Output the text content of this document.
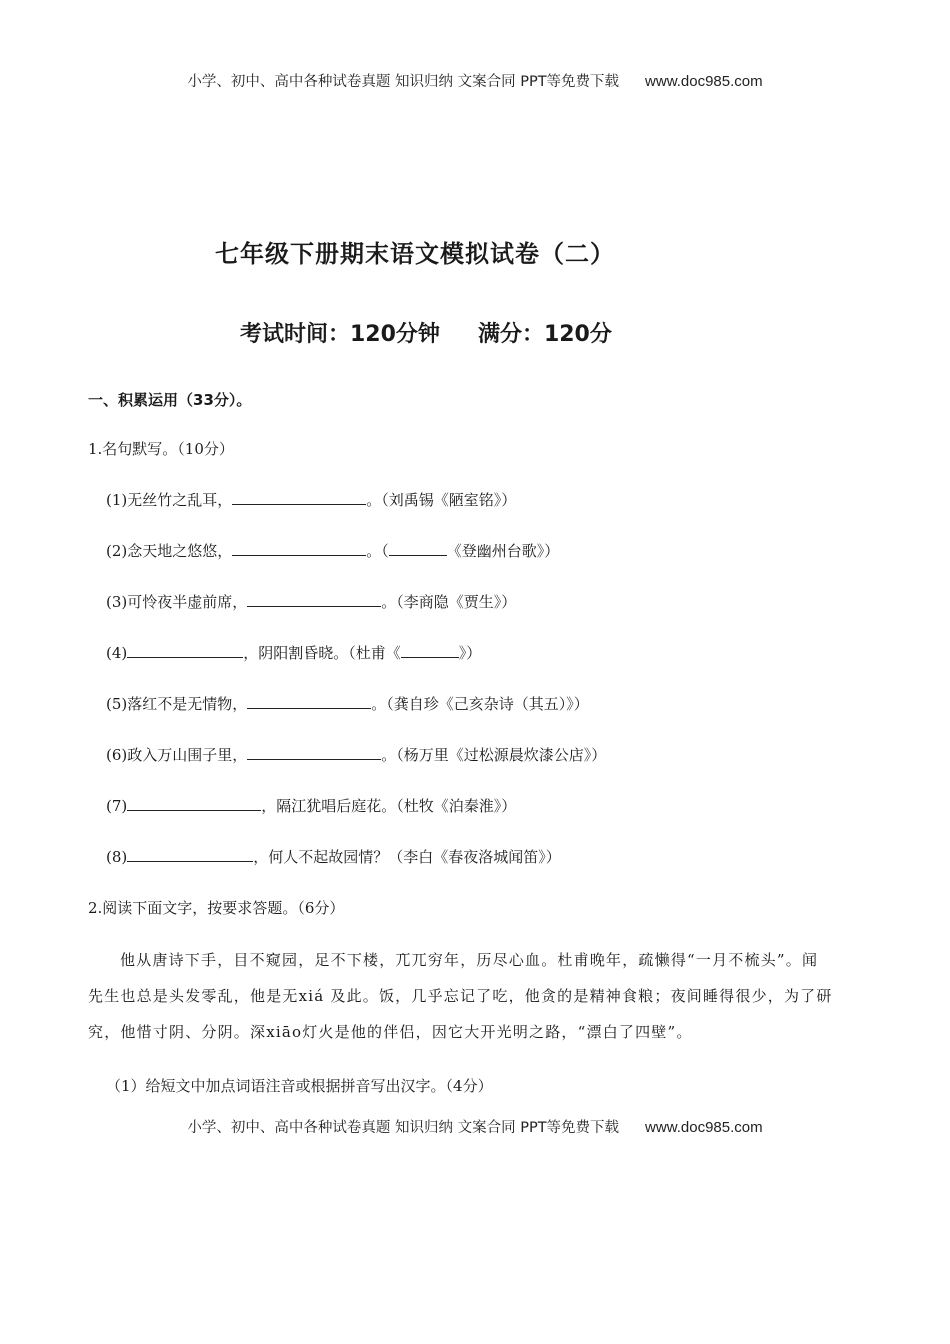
小学、初中、高中各种试卷真题 知识归纳 文案合同 PPT等免费下载 www.doc985.com
七年级下册期末语文模拟试卷（二）
考试时间：120分钟 满分：120分
一、积累运用（33分）。
1.名句默写。（10分）
(1)无丝竹之乱耳，	。（刘禹锡《陋室铭》）
(2)念天地之悠悠，	。（	《登幽州台歌》）
(3)可怜夜半虚前席，	。（李商隐《贾生》）
(4)	，阴阳割昏晓。（杜甫《	》）
(5)落红不是无情物，	。（龚自珍《己亥杂诗（其五）》）
(6)政入万山围子里，	。（杨万里《过松源晨炊漆公店》）
(7)	，隔江犹唱后庭花。（杜牧《泊秦淮》）
(8)	，何人不起故园情？（李白《春夜洛城闻笛》）
2.阅读下面文字，按要求答题。（6分）

他从唐诗下手，目不窥园，足不下楼，兀兀穷年，历尽心血。杜甫晚年，疏懒得“一月不梳头”。闻

先生也总是头发零乱，他是无xiá 及此。饭，几乎忘记了吃，他贪的是精神食粮；夜间睡得很少，为了研

究，他惜寸阴、分阴。深xiāo灯火是他的伴侣，因它大开光明之路，“漂白了四壁”。

（1）给短文中加点词语注音或根据拼音写出汉字。（4分）
小学、初中、高中各种试卷真题 知识归纳 文案合同 PPT等免费下载 www.doc985.com
